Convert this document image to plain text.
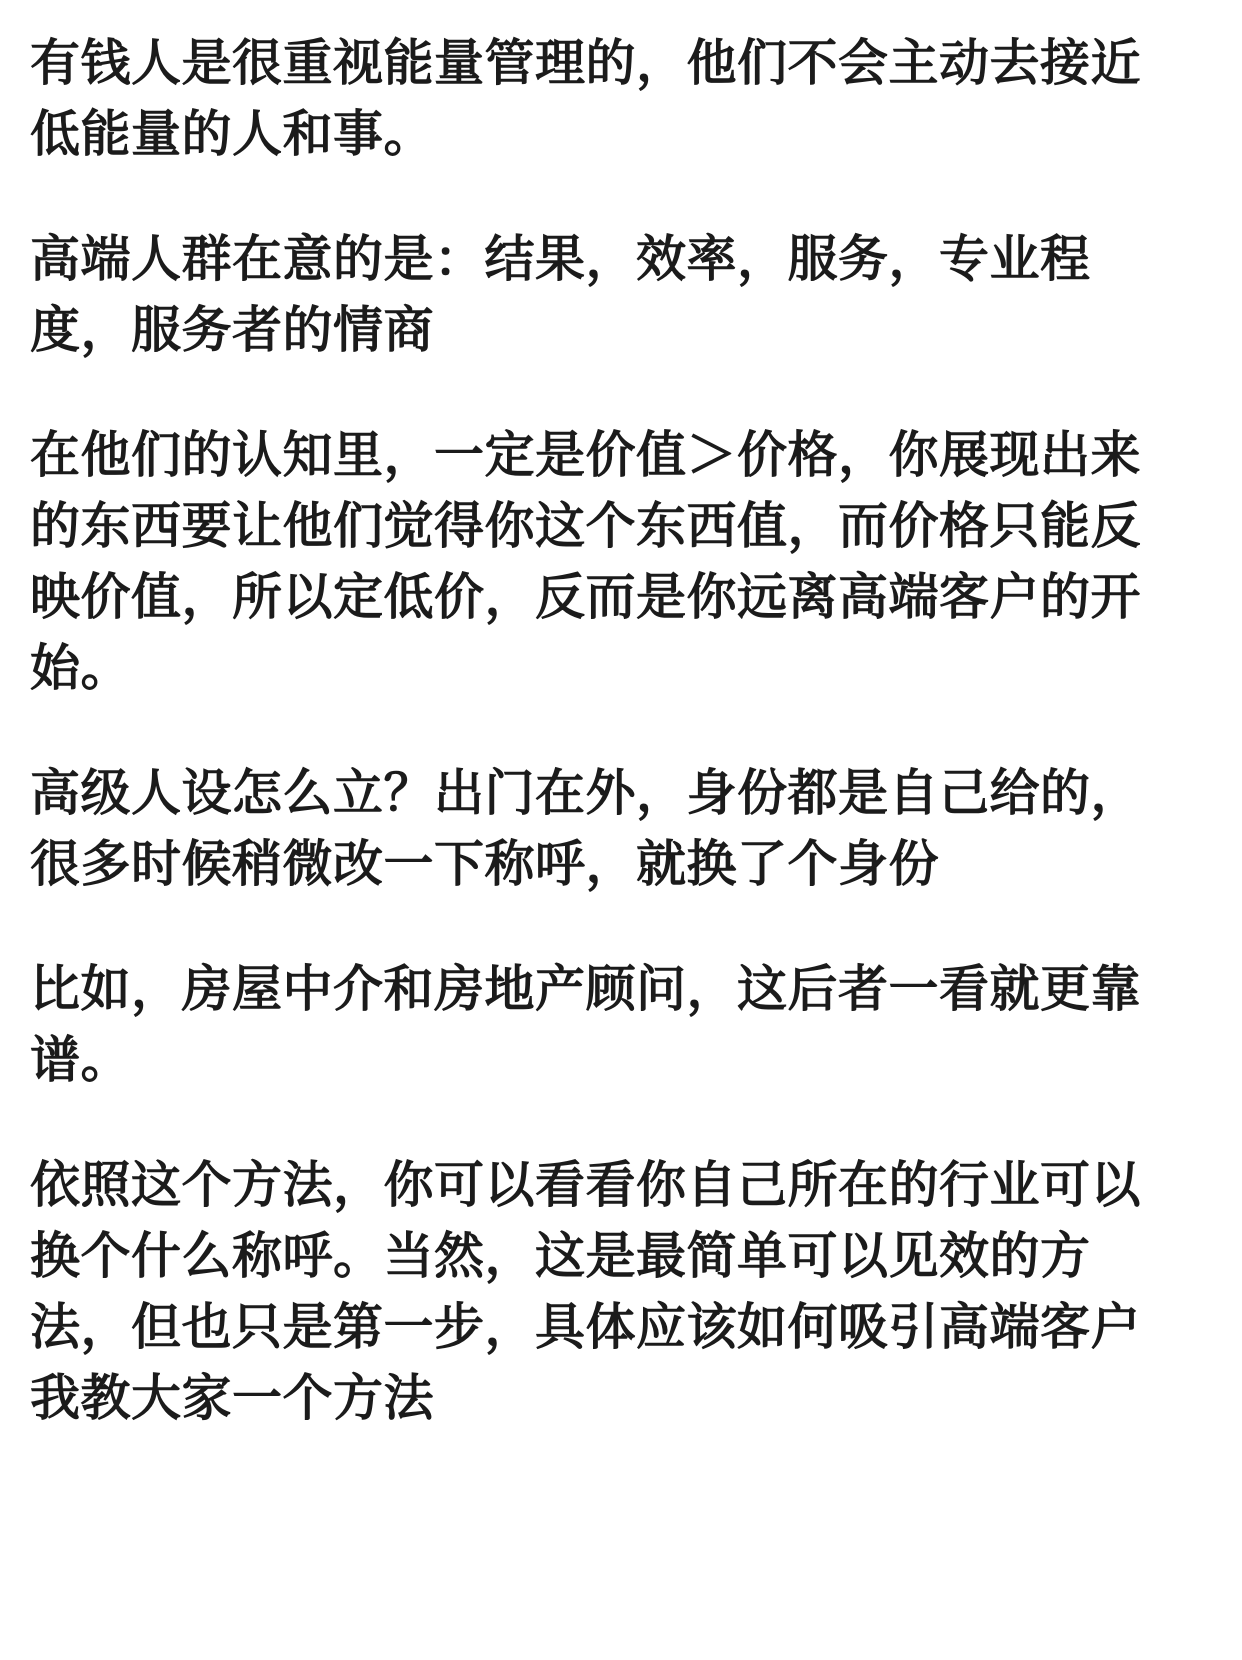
有钱人是很重视能量管理的，他们不会主动去接近低能量的人和事。

高端人群在意的是：结果，效率，服务，专业程度，服务者的情商

在他们的认知里，一定是价值＞价格，你展现出来的东西要让他们觉得你这个东西值，而价格只能反映价值，所以定低价，反而是你远离高端客户的开始。

高级人设怎么立？出门在外，身份都是自己给的，很多时候稍微改一下称呼，就换了个身份

比如，房屋中介和房地产顾问，这后者一看就更靠谱。

依照这个方法，你可以看看你自己所在的行业可以换个什么称呼。当然，这是最简单可以见效的方法，但也只是第一步，具体应该如何吸引高端客户我教大家一个方法
